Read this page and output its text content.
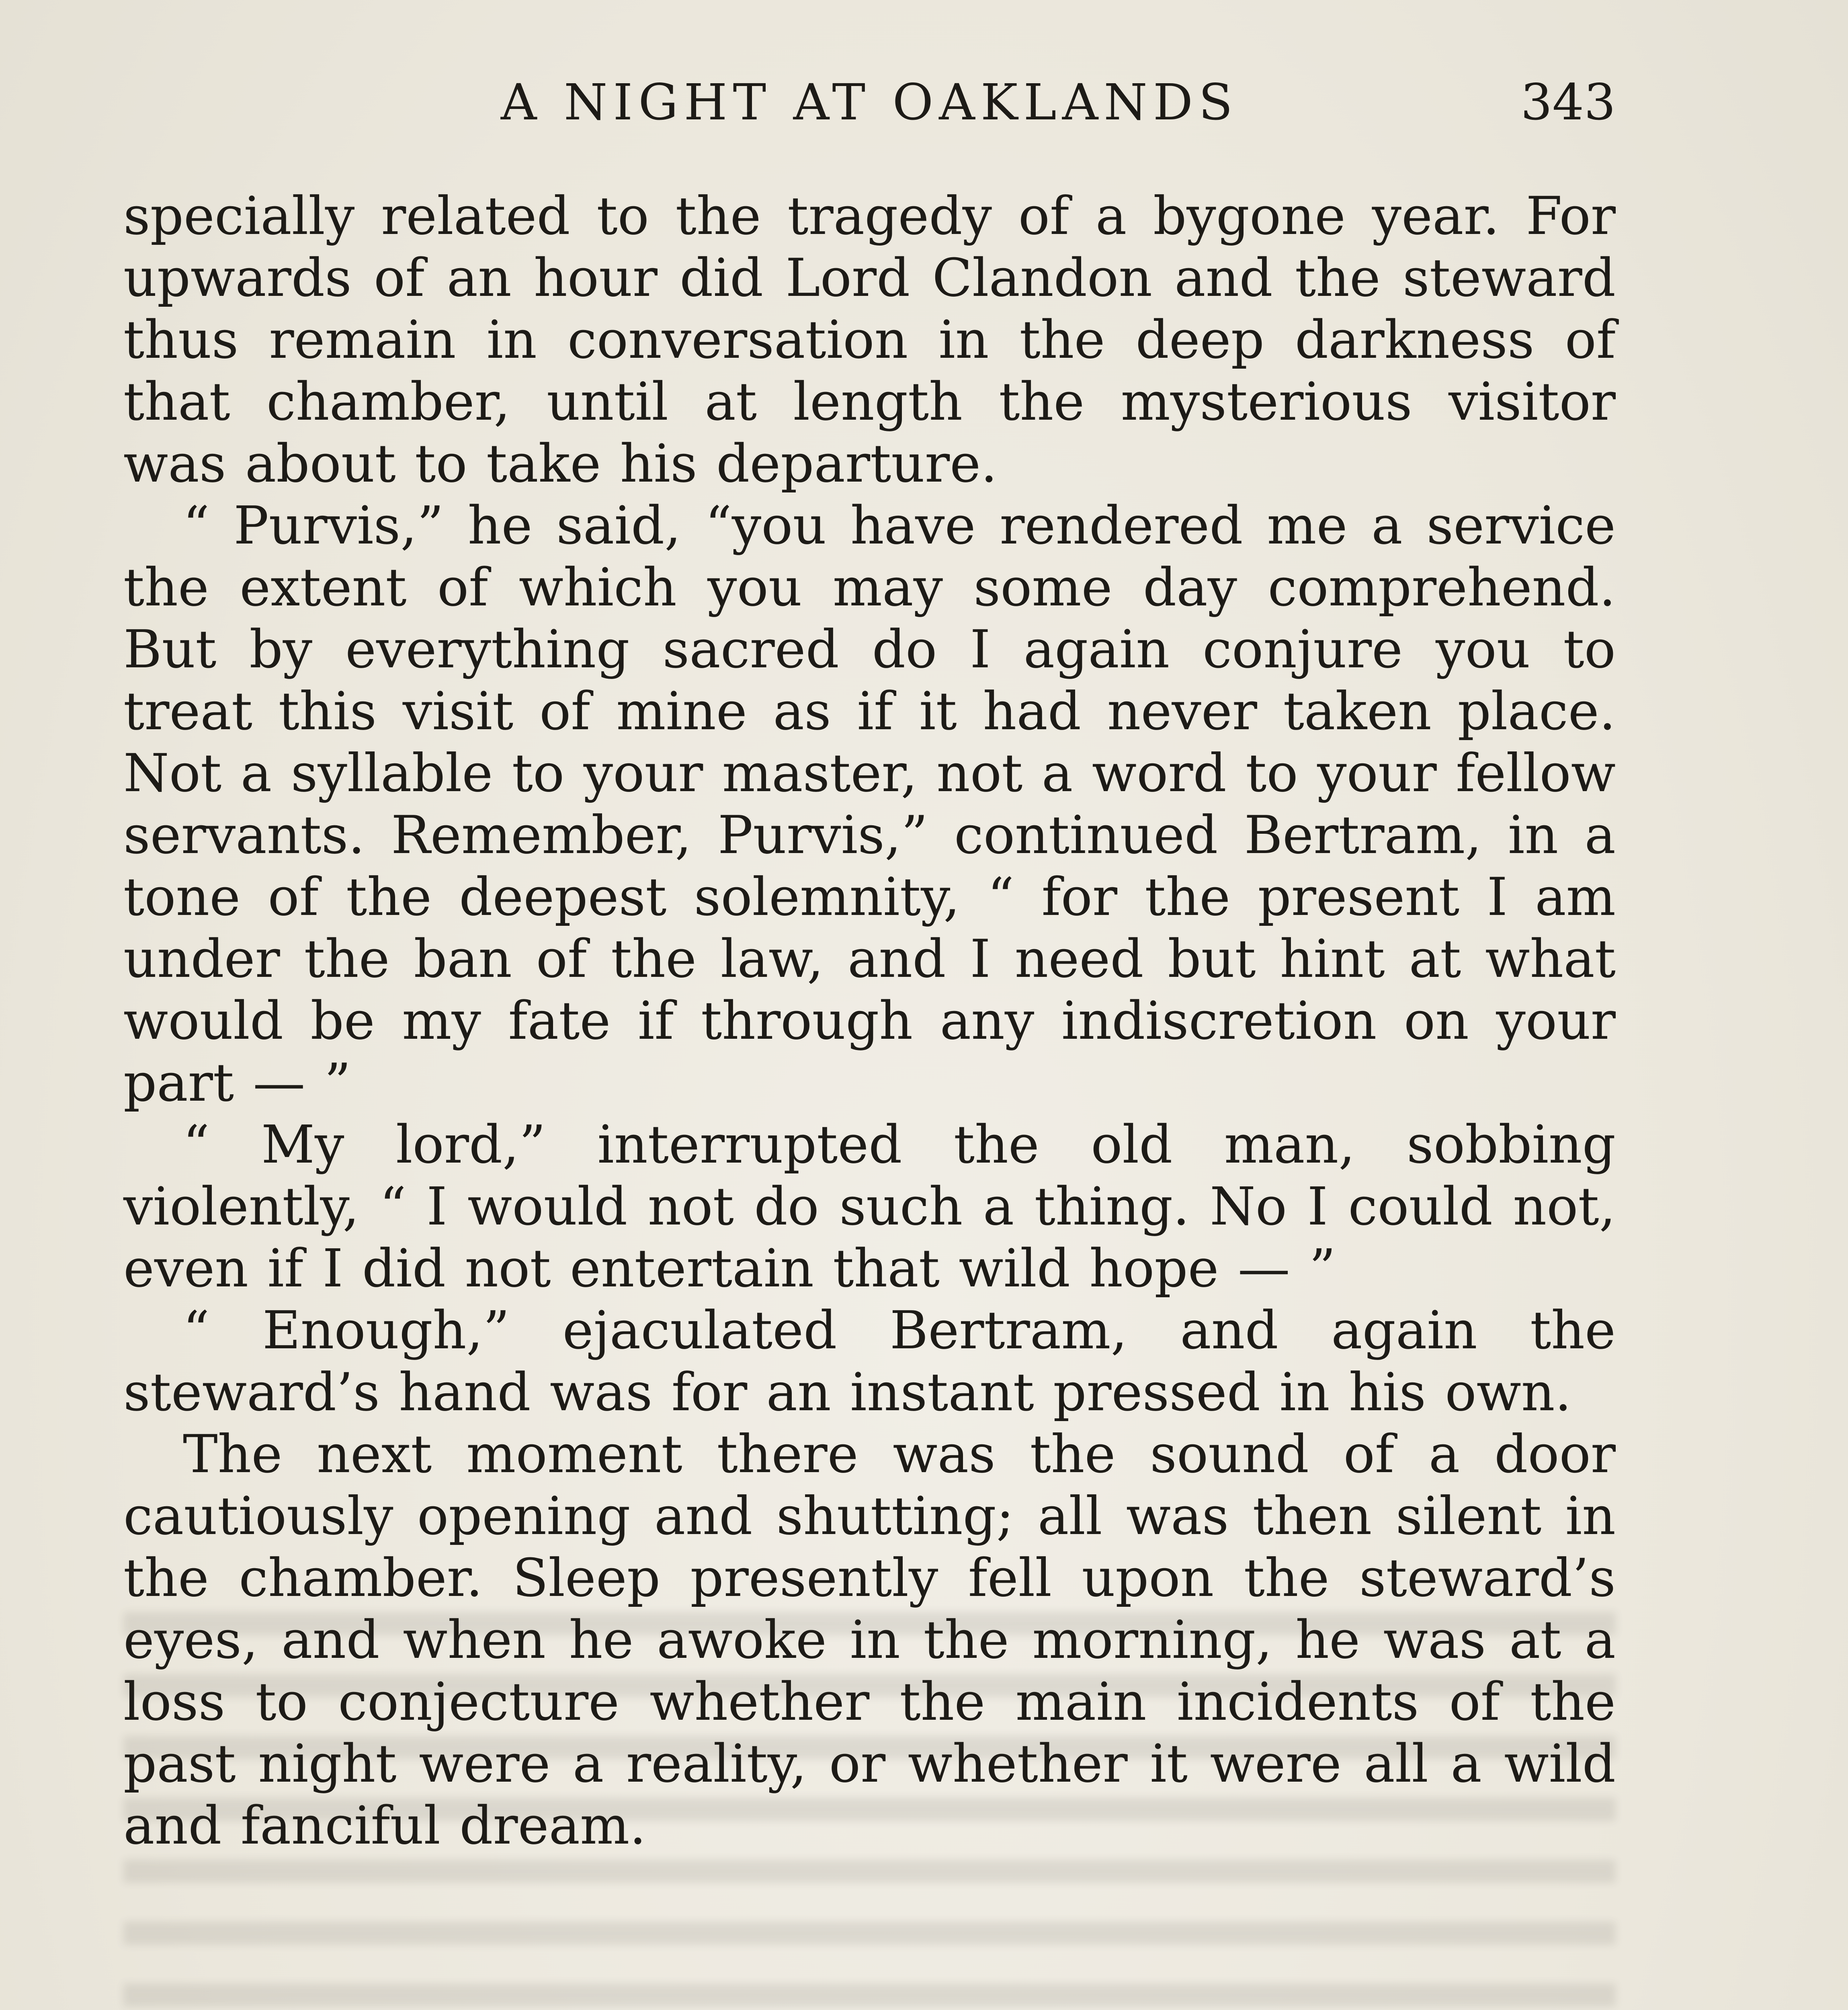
A NIGHT AT OAKLANDS	343

specially related to the tragedy of a bygone year. For upwards of an hour did Lord Clandon and the steward thus remain in conversation in the deep darkness of that chamber, until at length the mysterious visitor was about to take his departure.

“ Purvis,” he said, “you have rendered me a service the extent of which you may some day comprehend. But by everything sacred do I again conjure you to treat this visit of mine as if it had never taken place. Not a syllable to your master, not a word to your fellow servants. Remember, Purvis,” continued Bertram, in a tone of the deepest solemnity, “ for the present I am under the ban of the law, and I need but hint at what would be my fate if through any indiscretion on your part — ”

“ My lord,” interrupted the old man, sobbing violently, “ I would not do such a thing. No I could not, even if I did not entertain that wild hope — ”

“ Enough,” ejaculated Bertram, and again the steward’s hand was for an instant pressed in his own.

The next moment there was the sound of a door cautiously opening and shutting; all was then silent in the chamber. Sleep presently fell upon the steward’s eyes, and when he awoke in the morning, he was at a loss to conjecture whether the main incidents of the past night were a reality, or whether it were all a wild and fanciful dream.
